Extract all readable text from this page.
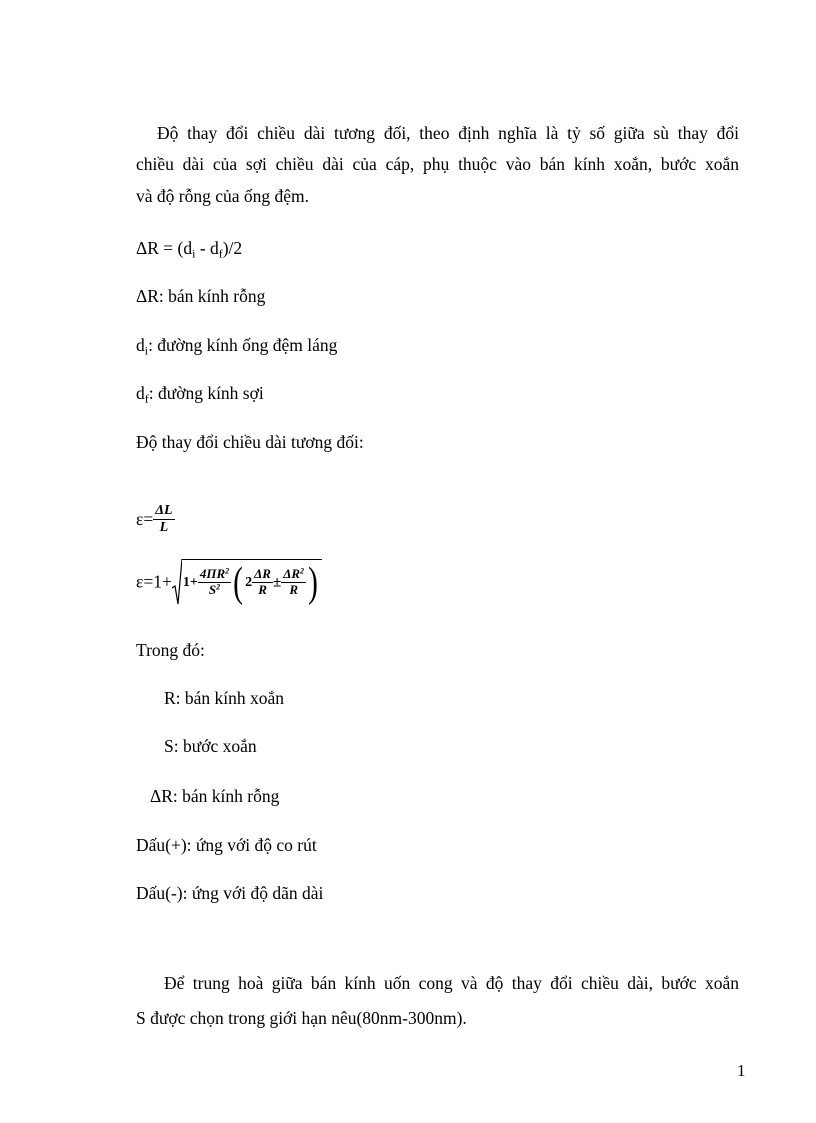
Độ thay đổi chiều dài tương đối, theo định nghĩa là tỷ số giữa sù thay đổi
chiều dài của sợi chiều dài của cáp, phụ thuộc vào bán kính xoắn, bước xoắn
và độ rỗng của ống đệm.
$\Delta R = (d_i - d_f)/2$
ΔR: bán kính rỗng
$d_i$: đường kính ống đệm láng
$d_f$: đường kính sợi
Độ thay đổi chiều dài tương đối:
$\varepsilon= \frac{\Delta L}{L}$
$\varepsilon=1+ 1+ \frac{4\Pi R^2}{S^2}$ ( $2 \frac{\Delta R}{R} \pm \frac{\Delta R^2}{R}$ )
Trong đó:
R: bán kính xoắn
S: bước xoắn
ΔR: bán kính rỗng
Dấu(+): ứng với độ co rút
Dấu(-): ứng với độ dãn dài
Để trung hoà giữa bán kính uốn cong và độ thay đổi chiều dài, bước xoắn
S được chọn trong giới hạn nêu(80nm-300nm).
1
